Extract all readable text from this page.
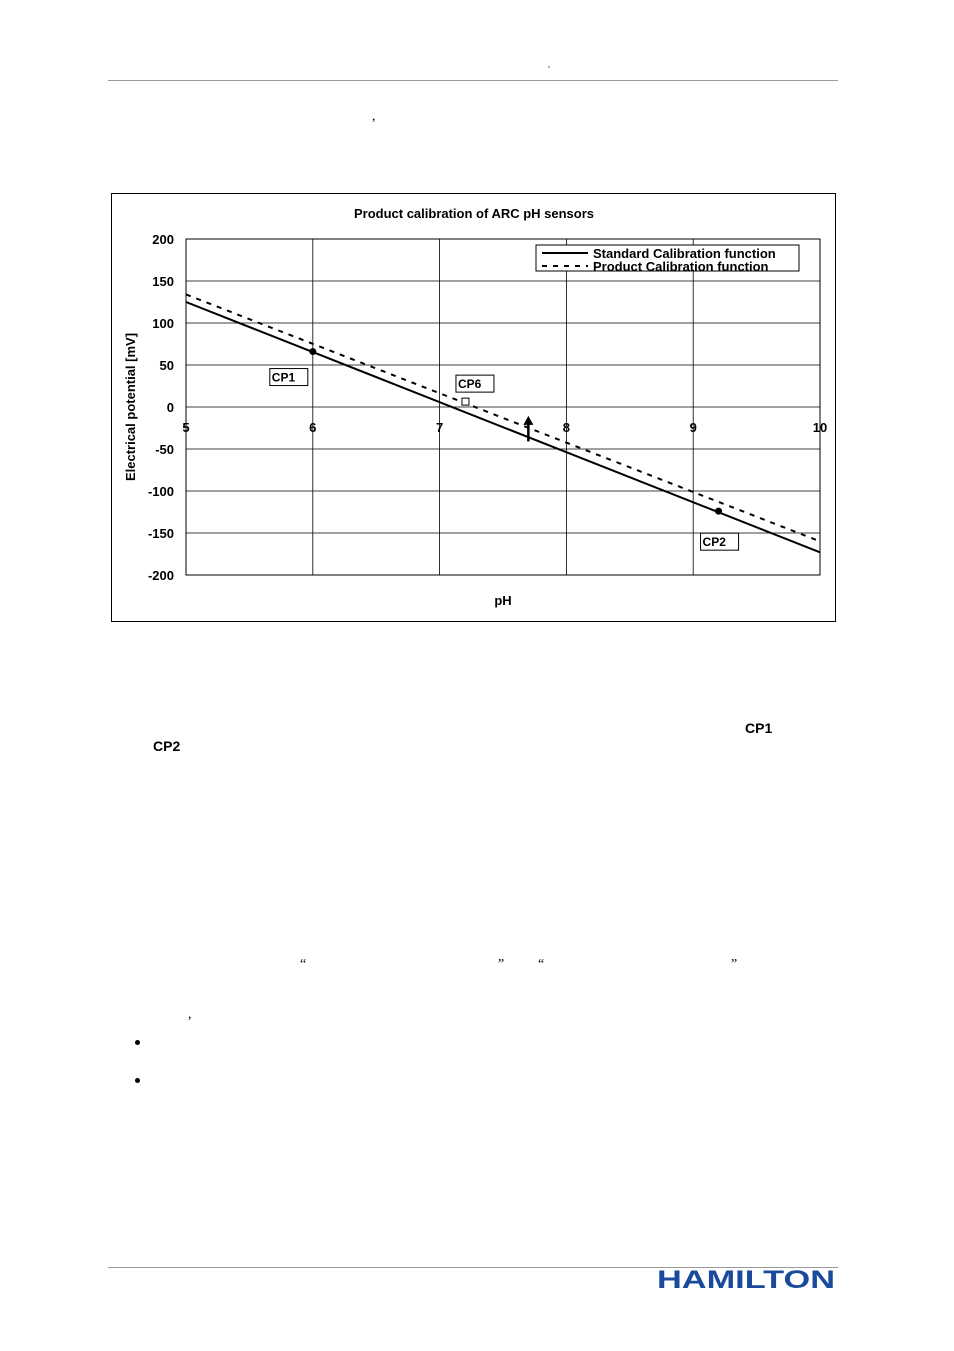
,
,
200
150
100
50
0
-50
-100
-150
-200
5	6	7	8	9	10
Product calibration of ARC pH sensors
pH
Electrical potential [mV]
Standard Calibration function
Product Calibration function
CP1
CP2
CP6
CP1
CP2
“	” “	”
,
HAMILTON
